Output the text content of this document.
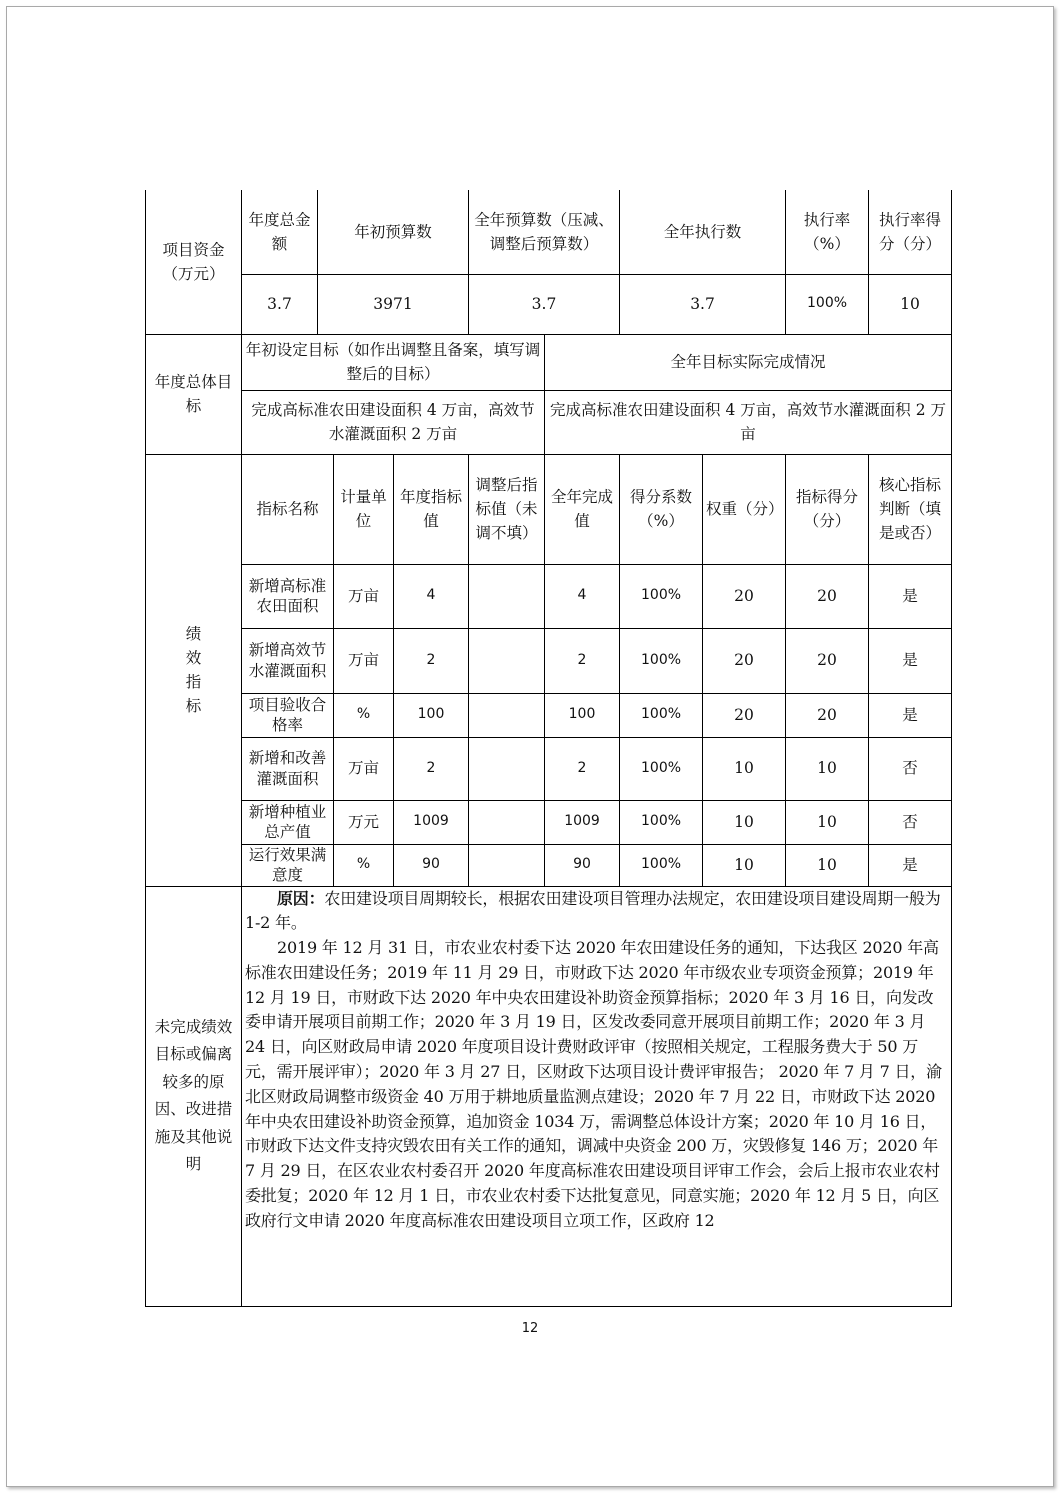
项目资金（万元）	年度总金额	年初预算数			全年预算数（压减、调整后预算数）		全年执行数		执行率（%）	执行率得分（分）
	3.7	3971			3.7		3.7		100%	10
年度总体目标	年初设定目标（如作出调整且备案，填写调整后的目标）					全年目标实际完成情况				
	完成高标准农田建设面积 4 万亩，高效节水灌溉面积 2 万亩					完成高标准农田建设面积 4 万亩，高效节水灌溉面积 2 万亩				

绩
效
指
标	指标名称		计量单位	年度指标值	调整后指标值（未调不填）	全年完成值	得分系数（%）	权重（分）	指标得分（分）	核心指标判断（填是或否）
	新增高标准农田面积		万亩	4		4	100%	20	20	是
	新增高效节水灌溉面积		万亩	2		2	100%	20	20	是
	项目验收合格率		%	100		100	100%	20	20	是
	新增和改善灌溉面积		万亩	2		2	100%	10	10	否
	新增种植业总产值		万元	1009		1009	100%	10	10	否
	运行效果满意度		%	90		90	100%	10	10	是
未完成绩效目标或偏离较多的原因、改进措施及其他说明	原因：农田建设项目周期较长，根据农田建设项目管理办法规定，农田建设项目建设周期一般为 1-2 年。

2019 年 12 月 31 日，市农业农村委下达 2020 年农田建设任务的通知，下达我区 2020 年高标准农田建设任务；2019 年 11 月 29 日，市财政下达 2020 年市级农业专项资金预算；2019 年 12 月 19 日，市财政下达 2020 年中央农田建设补助资金预算指标；2020 年 3 月 16 日，向发改委申请开展项目前期工作；2020 年 3 月 19 日，区发改委同意开展项目前期工作；2020 年 3 月 24 日，向区财政局申请 2020 年度项目设计费财政评审（按照相关规定，工程服务费大于 50 万元，需开展评审）；2020 年 3 月 27 日，区财政下达项目设计费评审报告； 2020 年 7 月 7 日，渝北区财政局调整市级资金 40 万用于耕地质量监测点建设；2020 年 7 月 22 日，市财政下达 2020 年中央农田建设补助资金预算，追加资金 1034 万，需调整总体设计方案；2020 年 10 月 16 日，市财政下达文件支持灾毁农田有关工作的通知，调减中央资金 200 万，灾毁修复 146 万；2020 年 7 月 29 日，在区农业农村委召开 2020 年度高标准农田建设项目评审工作会，会后上报市农业农村委批复；2020 年 12 月 1 日，市农业农村委下达批复意见，同意实施；2020 年 12 月 5 日，向区政府行文申请 2020 年度高标准农田建设项目立项工作，区政府 12									

12
